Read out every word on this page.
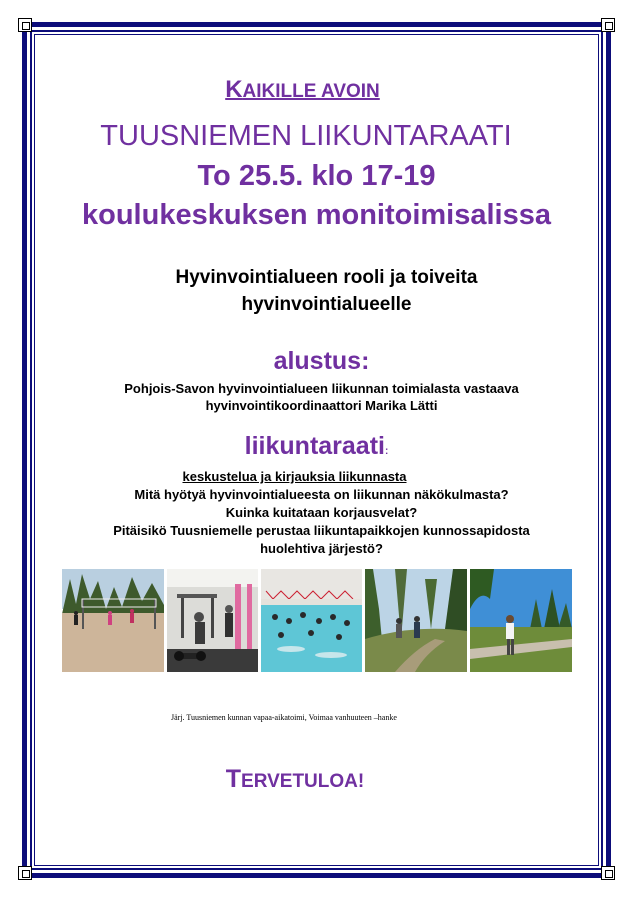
KAIKILLE AVOIN
TUUSNIEMEN LIIKUNTARAATI
To 25.5. klo 17-19
koulukeskuksen monitoimisalissa
Hyvinvointialueen rooli ja toiveita
hyvinvointialueelle
alustus:
Pohjois-Savon hyvinvointialueen liikunnan toimialasta vastaava
hyvinvointikoordinaattori Marika Lätti
liikuntaraati:
keskustelua ja kirjauksia liikunnasta
Mitä hyötyä hyvinvointialueesta on liikunnan näkökulmasta?
Kuinka kuitataan korjausvelat?
Pitäisikö Tuusniemelle perustaa liikuntapaikkojen kunnossapidosta
huolehtiva järjestö?
Järj. Tuusniemen kunnan vapaa-aikatoimi, Voimaa vanhuuteen –hanke
TERVETULOA!
